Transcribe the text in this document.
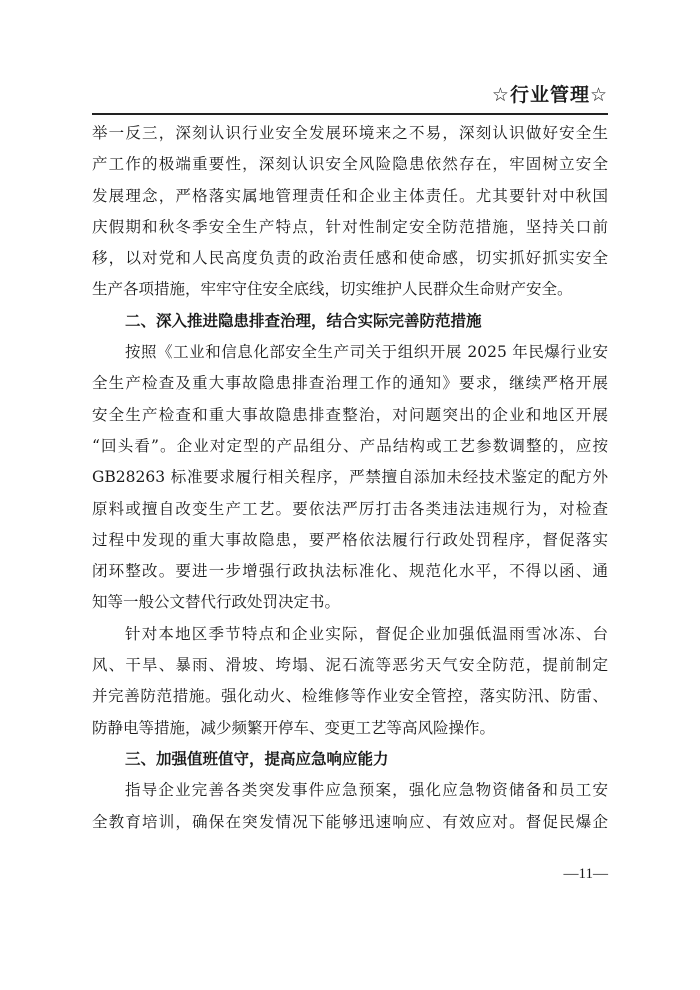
☆行业管理☆
举一反三，深刻认识行业安全发展环境来之不易，深刻认识做好安全生
产工作的极端重要性，深刻认识安全风险隐患依然存在，牢固树立安全
发展理念，严格落实属地管理责任和企业主体责任。尤其要针对中秋国
庆假期和秋冬季安全生产特点，针对性制定安全防范措施，坚持关口前
移，以对党和人民高度负责的政治责任感和使命感，切实抓好抓实安全
生产各项措施，牢牢守住安全底线，切实维护人民群众生命财产安全。
二、深入推进隐患排查治理，结合实际完善防范措施
按照《工业和信息化部安全生产司关于组织开展 2025 年民爆行业安
全生产检查及重大事故隐患排查治理工作的通知》要求，继续严格开展
安全生产检查和重大事故隐患排查整治，对问题突出的企业和地区开展
“回头看”。企业对定型的产品组分、产品结构或工艺参数调整的，应按
GB28263 标准要求履行相关程序，严禁擅自添加未经技术鉴定的配方外
原料或擅自改变生产工艺。要依法严厉打击各类违法违规行为，对检查
过程中发现的重大事故隐患，要严格依法履行行政处罚程序，督促落实
闭环整改。要进一步增强行政执法标准化、规范化水平，不得以函、通
知等一般公文替代行政处罚决定书。
针对本地区季节特点和企业实际，督促企业加强低温雨雪冰冻、台
风、干旱、暴雨、滑坡、垮塌、泥石流等恶劣天气安全防范，提前制定
并完善防范措施。强化动火、检维修等作业安全管控，落实防汛、防雷、
防静电等措施，减少频繁开停车、变更工艺等高风险操作。
三、加强值班值守，提高应急响应能力
指导企业完善各类突发事件应急预案，强化应急物资储备和员工安
全教育培训，确保在突发情况下能够迅速响应、有效应对。督促民爆企
—11—
